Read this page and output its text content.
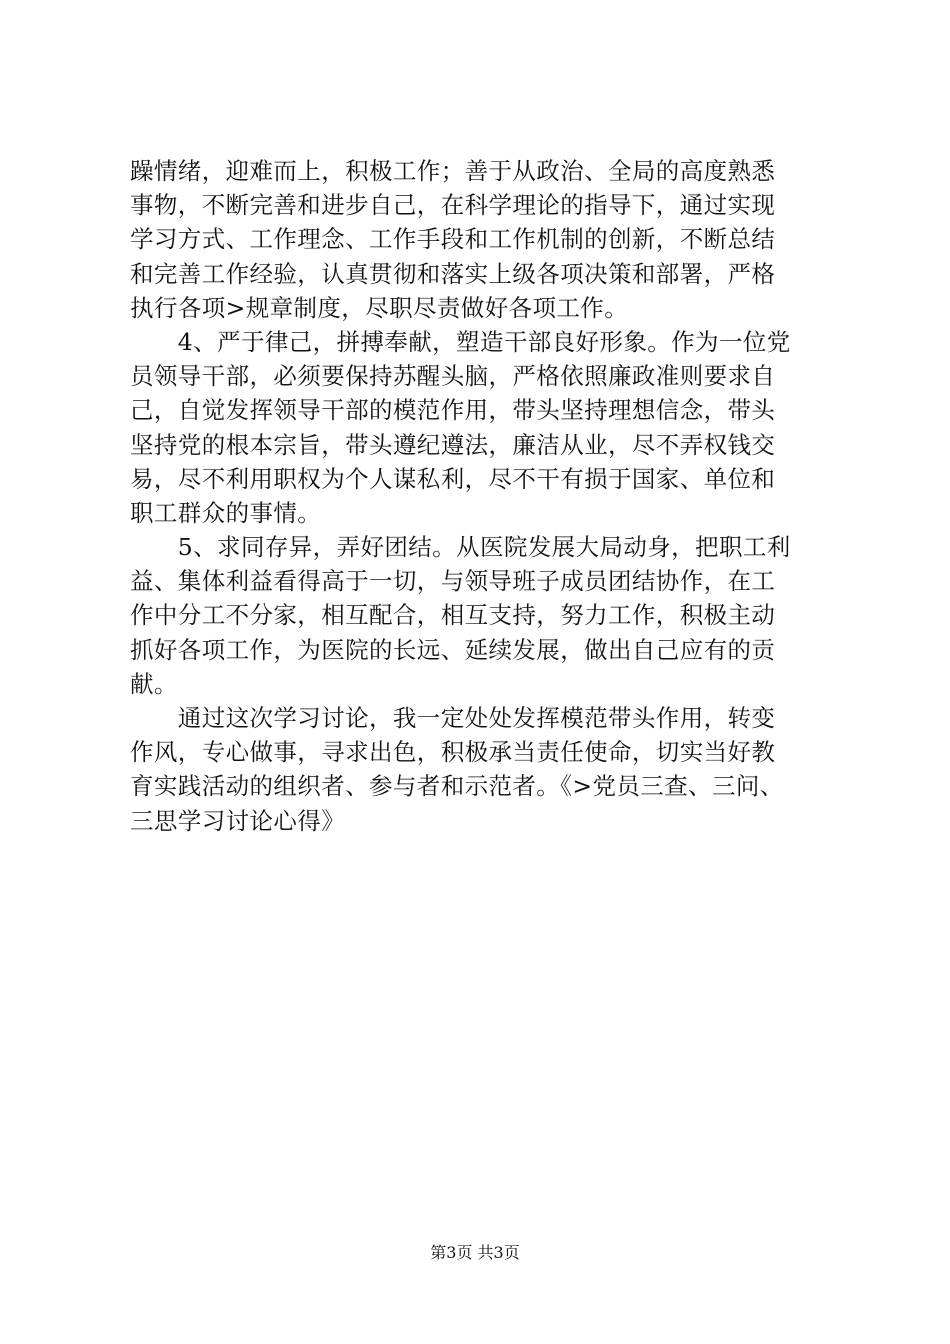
躁情绪，迎难而上，积极工作；善于从政治、全局的高度熟悉
事物，不断完善和进步自己，在科学理论的指导下，通过实现
学习方式、工作理念、工作手段和工作机制的创新，不断总结
和完善工作经验，认真贯彻和落实上级各项决策和部署，严格
执行各项>规章制度，尽职尽责做好各项工作。
　　4、严于律己，拼搏奉献，塑造干部良好形象。作为一位党
员领导干部，必须要保持苏醒头脑，严格依照廉政准则要求自
己，自觉发挥领导干部的模范作用，带头坚持理想信念，带头
坚持党的根本宗旨，带头遵纪遵法，廉洁从业，尽不弄权钱交
易，尽不利用职权为个人谋私利，尽不干有损于国家、单位和
职工群众的事情。
　　5、求同存异，弄好团结。从医院发展大局动身，把职工利
益、集体利益看得高于一切，与领导班子成员团结协作，在工
作中分工不分家，相互配合，相互支持，努力工作，积极主动
抓好各项工作，为医院的长远、延续发展，做出自己应有的贡
献。
　　通过这次学习讨论，我一定处处发挥模范带头作用，转变
作风，专心做事，寻求出色，积极承当责任使命，切实当好教
育实践活动的组织者、参与者和示范者。《>党员三查、三问、
三思学习讨论心得》
第3页 共3页
